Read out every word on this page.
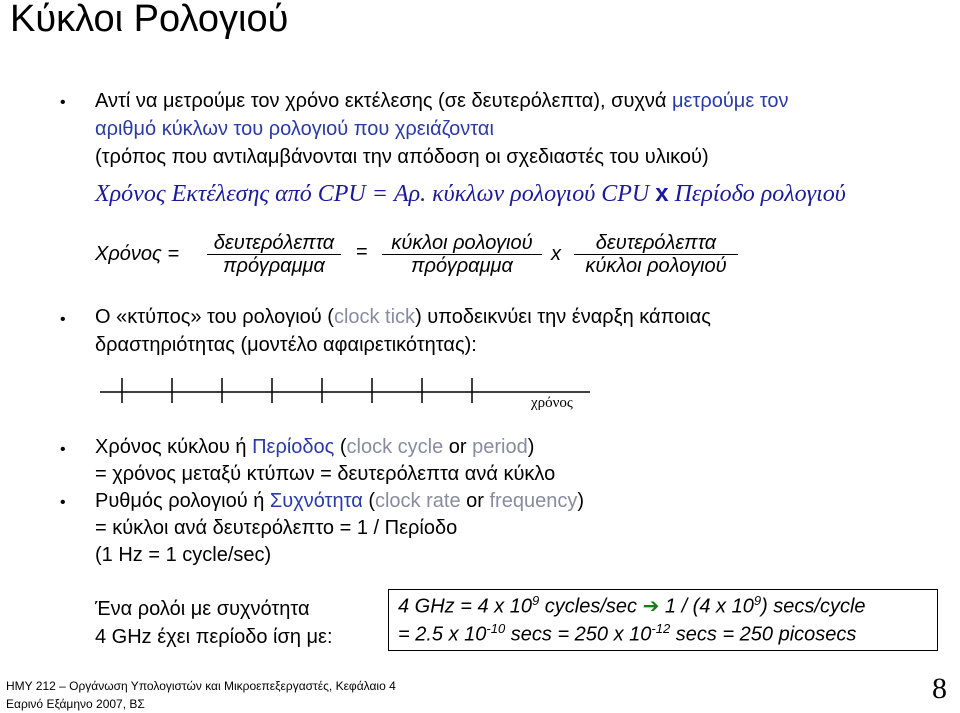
Κύκλοι Ρολογιού
• Αντί να μετρούμε τον χρόνο εκτέλεσης (σε δευτερόλεπτα), συχνά μετρούμε τον
αριθμό κύκλων του ρολογιού που χρειάζονται
(τρόπος που αντιλαμβάνονται την απόδοση οι σχεδιαστές του υλικού)
Χρόνος Εκτέλεσης από CPU = Αρ. κύκλων ρολογιού CPU x Περίοδο ρολογιού
Χρόνος =	δευτερόλεπτα
πρόγραμμα
=	κύκλοι ρολογιού
πρόγραμμα
x	δευτερόλεπτα
κύκλοι ρολογιού
• Ο «κτύπος» του ρολογιού (clock tick) υποδεικνύει την έναρξη κάποιας
δραστηριότητας (μοντέλο αφαιρετικότητας):
χρόνος
• Χρόνος κύκλου ή Περίοδος (clock cycle or period)
= χρόνος μεταξύ κτύπων = δευτερόλεπτα ανά κύκλο
• Ρυθμός ρολογιού ή Συχνότητα (clock rate or frequency)
= κύκλοι ανά δευτερόλεπτο = 1 / Περίοδο
(1 Hz = 1 cycle/sec)
Ένα ρολόι με συχνότητα
4 GHz έχει περίοδο ίση με:
4 GHz = 4 x $10^9$ cycles/sec ➔ 1 / (4 x $10^9$) secs/cycle
= 2.5 x $10^{-10}$ secs = 250 x $10^{-12}$ secs = 250 picosecs
ΗΜΥ 212 – Οργάνωση Υπολογιστών και Μικροεπεξεργαστές, Κεφάλαιο 4
Εαρινό Εξάμηνο 2007, ΒΣ	8
